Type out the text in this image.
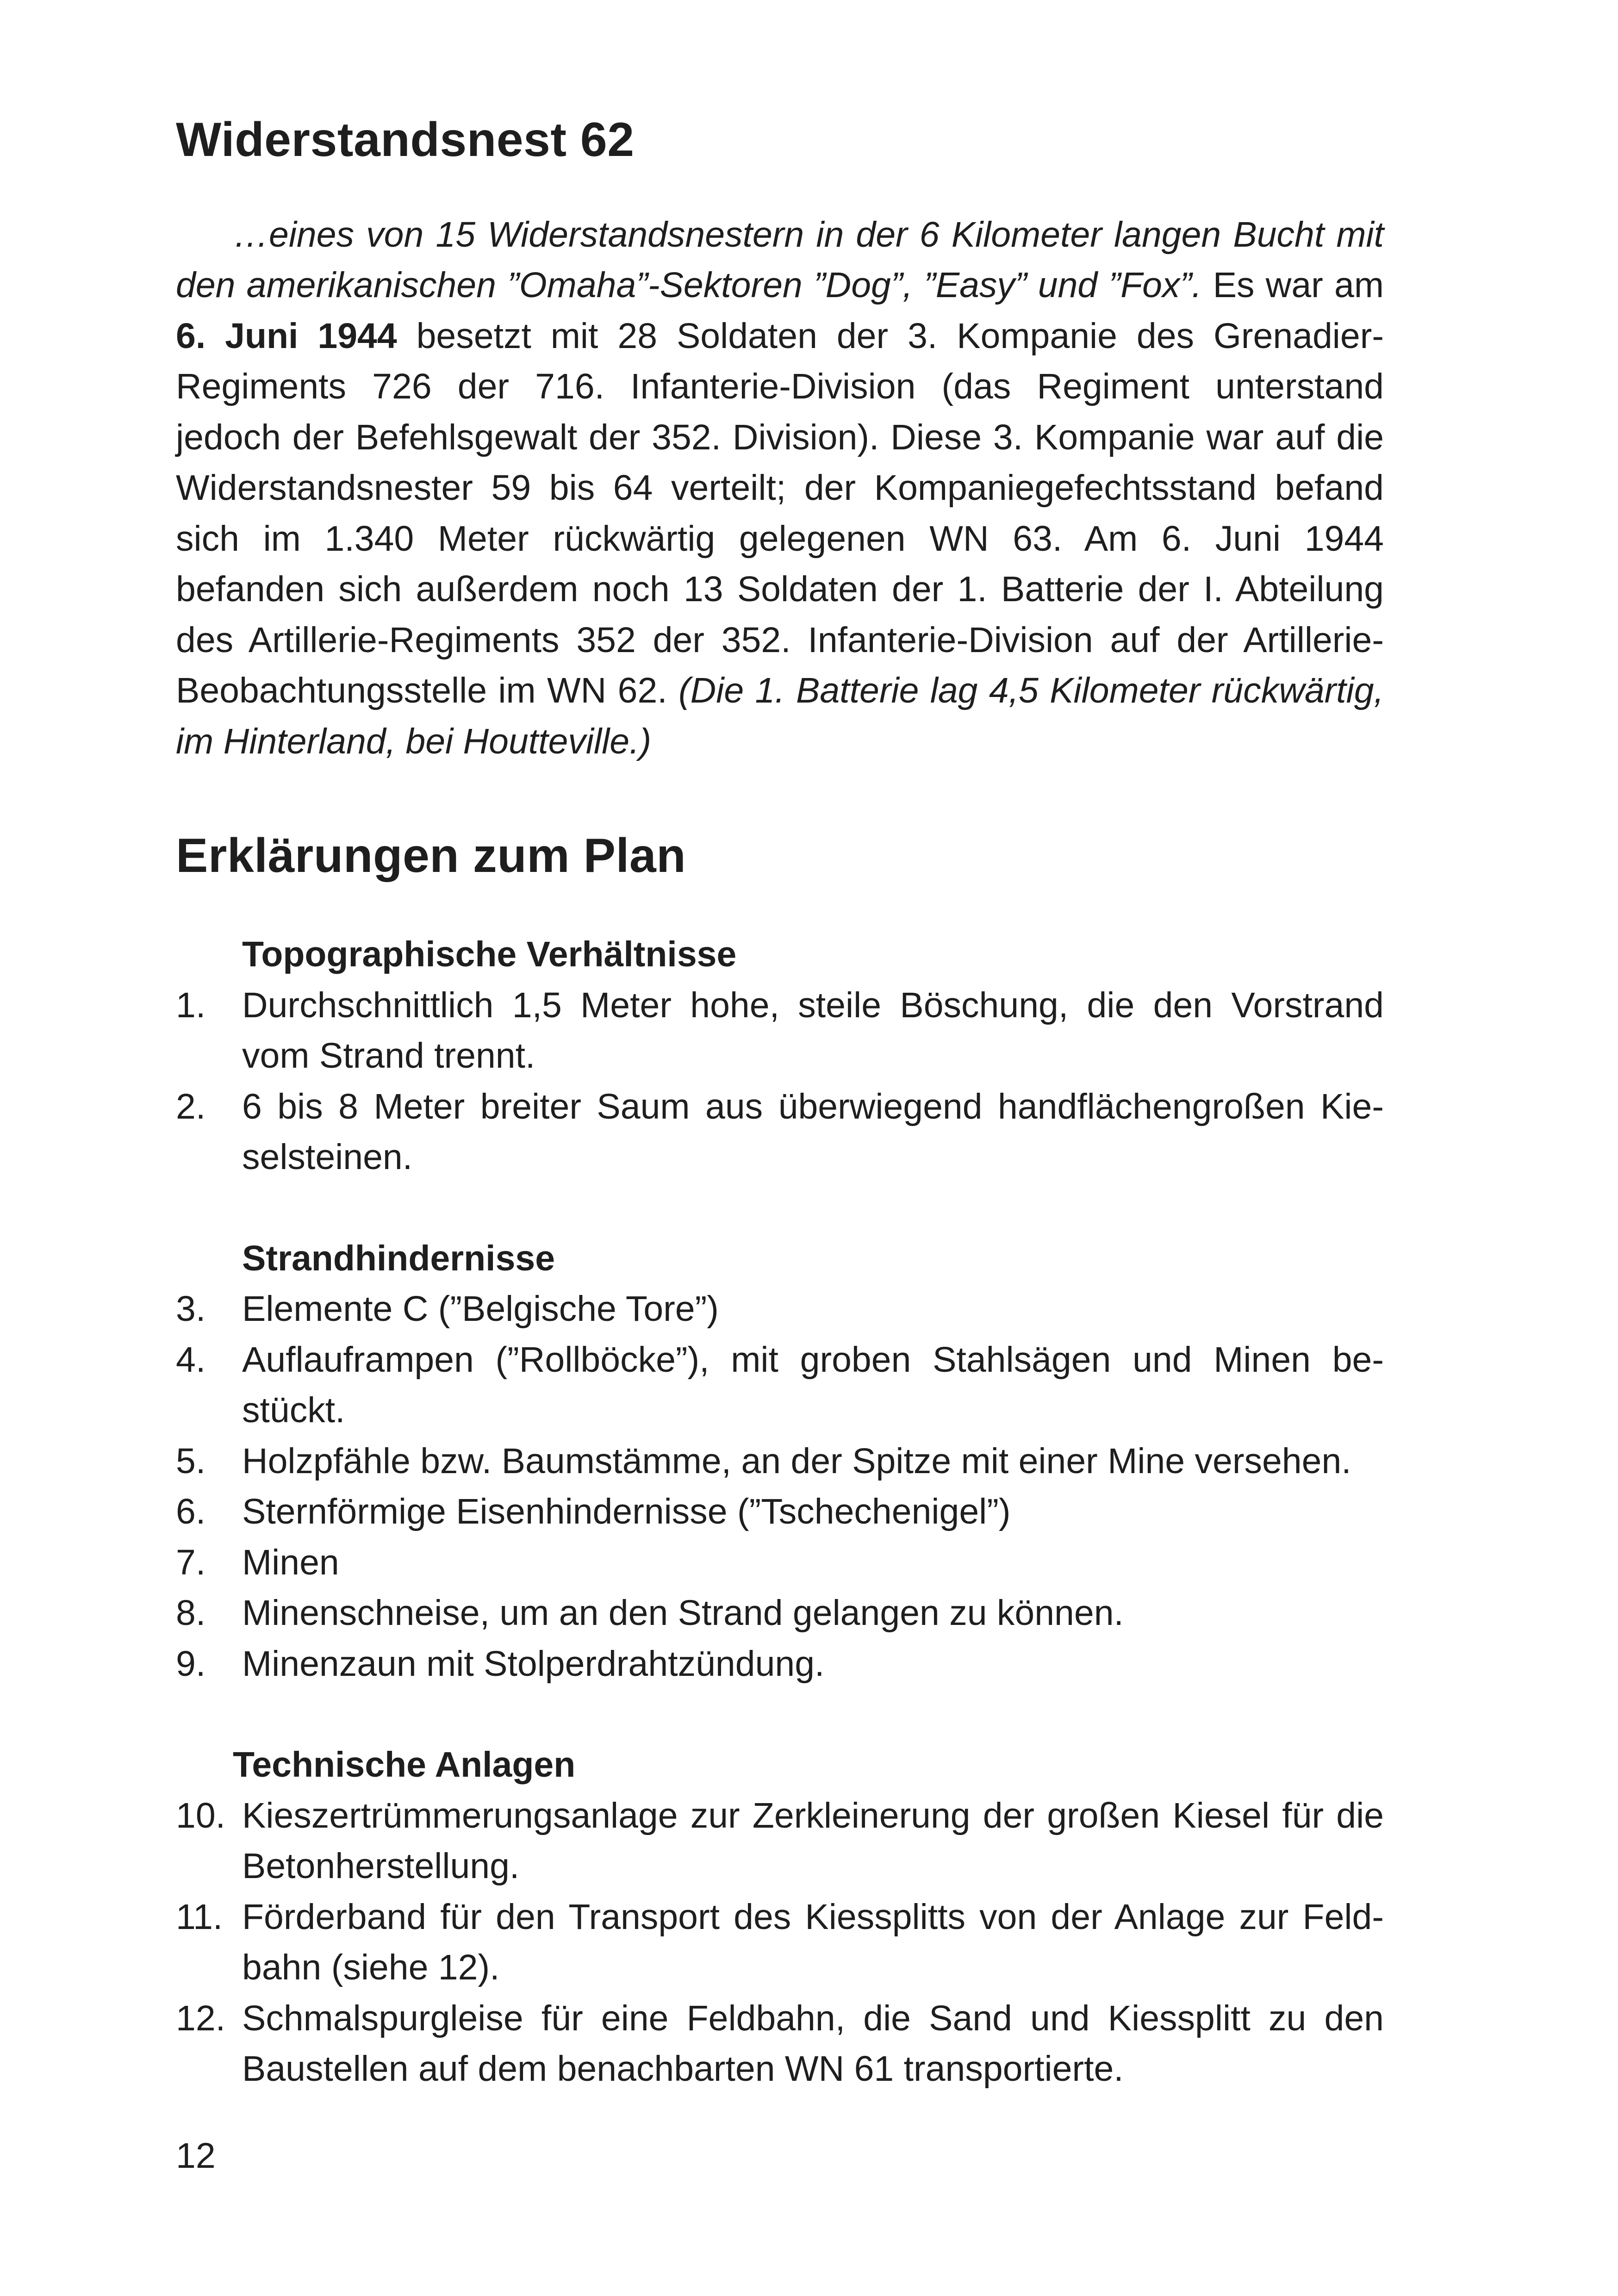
Widerstandsnest 62

…eines von 15 Widerstandsnestern in der 6 Kilometer langen Bucht mit den amerikanischen ”Omaha”-Sektoren ”Dog”, ”Easy” und ”Fox”. Es war am 6. Juni 1944 besetzt mit 28 Soldaten der 3. Kompanie des Grenadier-Regiments 726 der 716. Infanterie-Division (das Regiment unterstand jedoch der Befehlsgewalt der 352. Division). Diese 3. Kompanie war auf die Widerstandsnester 59 bis 64 verteilt; der Kompaniegefechtsstand befand sich im 1.340 Meter rückwärtig gelegenen WN 63. Am 6. Juni 1944 befanden sich außerdem noch 13 Soldaten der 1. Batterie der I. Abteilung des Artillerie-Regiments 352 der 352. Infanterie-Division auf der Artillerie-Beobachtungsstelle im WN 62. (Die 1. Batterie lag 4,5 Kilometer rückwärtig, im Hinterland, bei Houtteville.)

Erklärungen zum Plan
Topographische Verhältnisse
1. Durchschnittlich 1,5 Meter hohe, steile Böschung, die den Vorstrand vom Strand trennt.
2. 6 bis 8 Meter breiter Saum aus überwiegend handflächengroßen Kieselsteinen.
Strandhindernisse
3. Elemente C (”Belgische Tore”)
4. Auflauframpen (”Rollböcke”), mit groben Stahlsägen und Minen bestückt.
5. Holzpfähle bzw. Baumstämme, an der Spitze mit einer Mine versehen.
6. Sternförmige Eisenhindernisse (”Tschechenigel”)
7. Minen
8. Minenschneise, um an den Strand gelangen zu können.
9. Minenzaun mit Stolperdrahtzündung.
Technische Anlagen
10. Kieszertrümmerungsanlage zur Zerkleinerung der großen Kiesel für die Betonherstellung.
11. Förderband für den Transport des Kiessplitts von der Anlage zur Feldbahn (siehe 12).
12. Schmalspurgleise für eine Feldbahn, die Sand und Kiessplitt zu den Baustellen auf dem benachbarten WN 61 transportierte.
12
